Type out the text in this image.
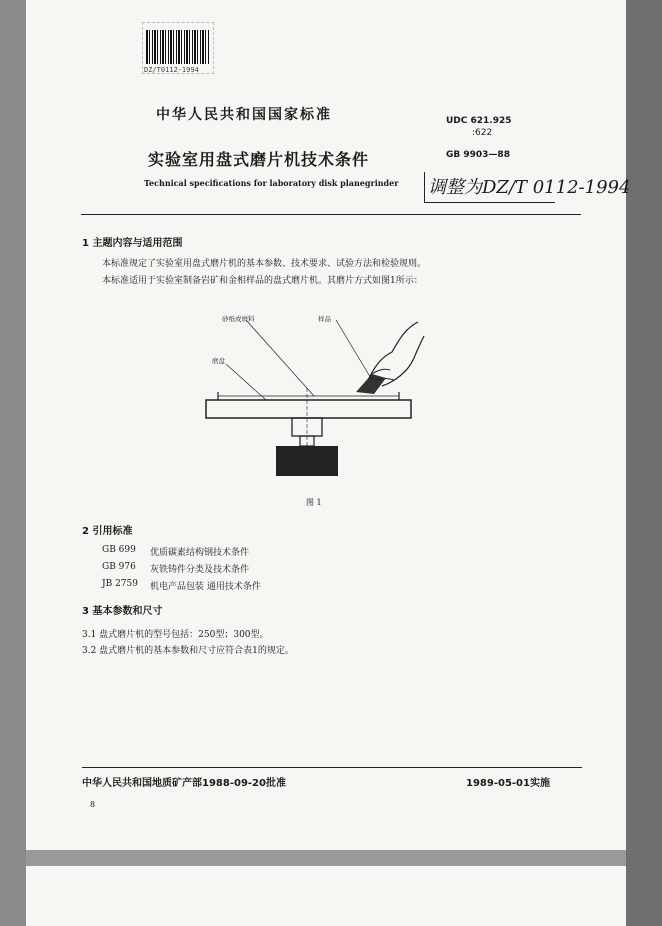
DZ/T0112-1994
中华人民共和国国家标准
实验室用盘式磨片机技术条件
Technical specifications for laboratory disk planegrinder
UDC 621.925
:622
GB 9903—88
调整为DZ/T 0112-1994
1 主题内容与适用范围
本标准规定了实验室用盘式磨片机的基本参数、技术要求、试验方法和检验规则。
本标准适用于实验室制备岩矿和金相样品的盘式磨片机。其磨片方式如图1所示：
砂纸或磨料	样品
磨盘
图 1
2 引用标准
GB 699	优质碳素结构钢技术条件
GB 976	灰铁铸件分类及技术条件
JB 2759	机电产品包装 通用技术条件
3 基本参数和尺寸
3.1 盘式磨片机的型号包括：250型；300型。
3.2 盘式磨片机的基本参数和尺寸应符合表1的规定。
中华人民共和国地质矿产部1988-09-20批准	1989-05-01实施
8
